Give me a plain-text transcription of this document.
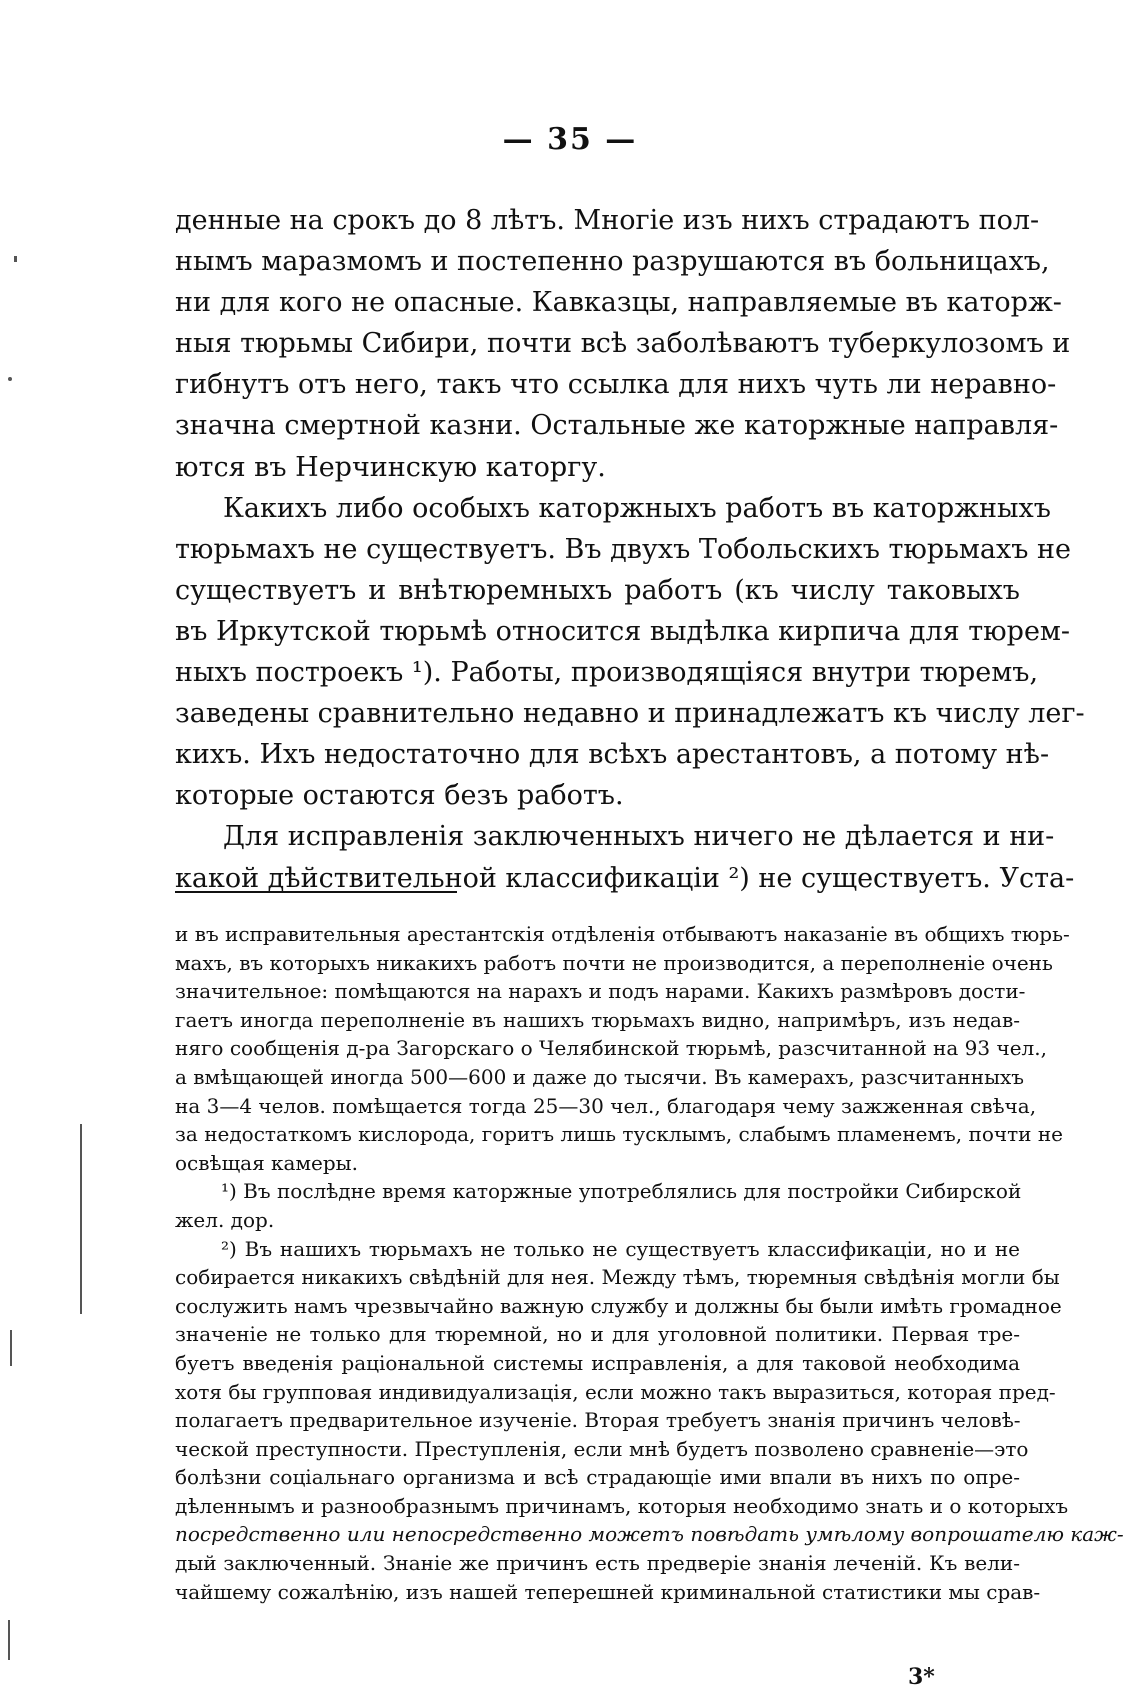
— 35 —
денные на срокъ до 8 лѣтъ. Многіе изъ нихъ страдаютъ пол-
нымъ маразмомъ и постепенно разрушаются въ больницахъ,
ни для кого не опасные. Кавказцы, направляемые въ каторж-
ныя тюрьмы Сибири, почти всѣ заболѣваютъ туберкулозомъ и
гибнутъ отъ него, такъ что ссылка для нихъ чуть ли неравно-
значна смертной казни. Остальные же каторжные направля-
ются въ Нерчинскую каторгу.
Какихъ либо особыхъ каторжныхъ работъ въ каторжныхъ
тюрьмахъ не существуетъ. Въ двухъ Тобольскихъ тюрьмахъ не
существуетъ и внѣтюремныхъ работъ (къ числу таковыхъ
въ Иркутской тюрьмѣ относится выдѣлка кирпича для тюрем-
ныхъ построекъ ¹). Работы, производящіяся внутри тюремъ,
заведены сравнительно недавно и принадлежатъ къ числу лег-
кихъ. Ихъ недостаточно для всѣхъ арестантовъ, а потому нѣ-
которые остаются безъ работъ.
Для исправленія заключенныхъ ничего не дѣлается и ни-
какой дѣйствительной классификаціи ²) не существуетъ. Уста-
и въ исправительныя арестантскія отдѣленія отбываютъ наказаніе въ общихъ тюрь-
махъ, въ которыхъ никакихъ работъ почти не производится, а переполненіе очень
значительное: помѣщаются на нарахъ и подъ нарами. Какихъ размѣровъ дости-
гаетъ иногда переполненіе въ нашихъ тюрьмахъ видно, напримѣръ, изъ недав-
няго сообщенія д-ра Загорскаго о Челябинской тюрьмѣ, разсчитанной на 93 чел.,
а вмѣщающей иногда 500—600 и даже до тысячи. Въ камерахъ, разсчитанныхъ
на 3—4 челов. помѣщается тогда 25—30 чел., благодаря чему зажженная свѣча,
за недостаткомъ кислорода, горитъ лишь тусклымъ, слабымъ пламенемъ, почти не
освѣщая камеры.
¹) Въ послѣдне время каторжные употреблялись для постройки Сибирской
жел. дор.
²) Въ нашихъ тюрьмахъ не только не существуетъ классификаціи, но и не
собирается никакихъ свѣдѣній для нея. Между тѣмъ, тюремныя свѣдѣнія могли бы
сослужить намъ чрезвычайно важную службу и должны бы были имѣть громадное
значеніе не только для тюремной, но и для уголовной политики. Первая тре-
буетъ введенія раціональной системы исправленія, а для таковой необходима
хотя бы групповая индивидуализація, если можно такъ выразиться, которая пред-
полагаетъ предварительное изученіе. Вторая требуетъ знанія причинъ человѣ-
ческой преступности. Преступленія, если мнѣ будетъ позволено сравненіе—это
болѣзни соціальнаго организма и всѣ страдающіе ими впали въ нихъ по опре-
дѣленнымъ и разнообразнымъ причинамъ, которыя необходимо знать и о которыхъ
посредственно или непосредственно можетъ повѣдать умѣлому вопрошателю каж-
дый заключенный. Знаніе же причинъ есть предверіе знанія леченій. Къ вели-
чайшему сожалѣнію, изъ нашей теперешней криминальной статистики мы срав-
3*
